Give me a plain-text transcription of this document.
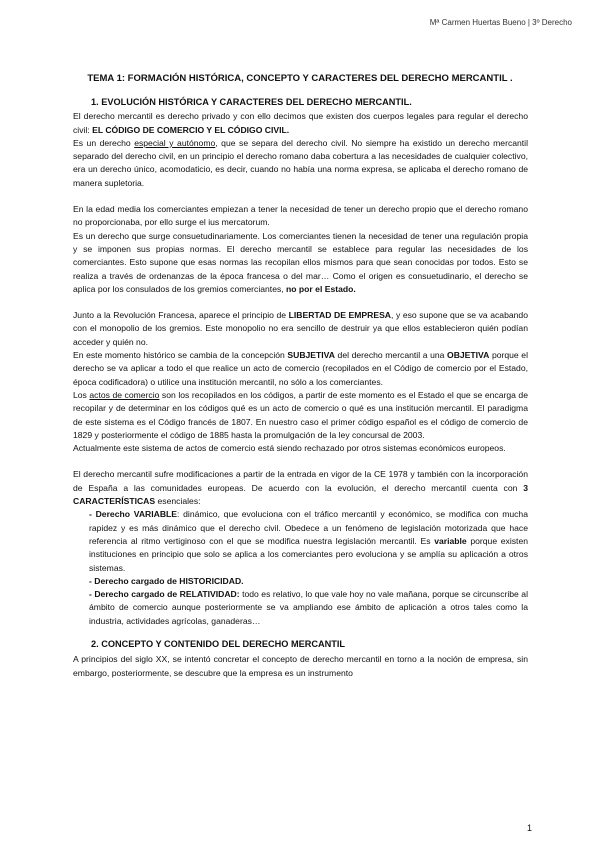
Mª Carmen Huertas Bueno | 3º Derecho
TEMA 1: FORMACIÓN HISTÓRICA, CONCEPTO Y CARACTERES DEL DERECHO MERCANTIL .
1. EVOLUCIÓN HISTÓRICA Y CARACTERES DEL DERECHO MERCANTIL.

El derecho mercantil es derecho privado y con ello decimos que existen dos cuerpos legales para regular el derecho civil: EL CÓDIGO DE COMERCIO Y EL CÓDIGO CIVIL.

Es un derecho especial y autónomo, que se separa del derecho civil. No siempre ha existido un derecho mercantil separado del derecho civil, en un principio el derecho romano daba cobertura a las necesidades de cualquier colectivo, era un derecho único, acomodaticio, es decir, cuando no había una norma expresa, se aplicaba el derecho romano de manera supletoria.

En la edad media los comerciantes empiezan a tener la necesidad de tener un derecho propio que el derecho romano no proporcionaba, por ello surge el ius mercatorum.

Es un derecho que surge consuetudinariamente. Los comerciantes tienen la necesidad de tener una regulación propia y se imponen sus propias normas. El derecho mercantil se establece para regular las necesidades de los comerciantes. Esto supone que esas normas las recopilan ellos mismos para que sean conocidas por todos. Esto se realiza a través de ordenanzas de la época francesa o del mar… Como el origen es consuetudinario, el derecho se aplica por los consulados de los gremios comerciantes, no por el Estado.

Junto a la Revolución Francesa, aparece el principio de LIBERTAD DE EMPRESA, y eso supone que se va acabando con el monopolio de los gremios. Este monopolio no era sencillo de destruir ya que ellos establecieron quién podían acceder y quién no.

En este momento histórico se cambia de la concepción SUBJETIVA del derecho mercantil a una OBJETIVA porque el derecho se va aplicar a todo el que realice un acto de comercio (recopilados en el Código de comercio por el Estado, época codificadora) o utilice una institución mercantil, no sólo a los comerciantes.

Los actos de comercio son los recopilados en los códigos, a partir de este momento es el Estado el que se encarga de recopilar y de determinar en los códigos qué es un acto de comercio o qué es una institución mercantil. El paradigma de este sistema es el Código francés de 1807. En nuestro caso el primer código español es el código de comercio de 1829 y posteriormente el código de 1885 hasta la promulgación de la ley concursal de 2003.

Actualmente este sistema de actos de comercio está siendo rechazado por otros sistemas económicos europeos.

El derecho mercantil sufre modificaciones a partir de la entrada en vigor de la CE 1978 y también con la incorporación de España a las comunidades europeas. De acuerdo con la evolución, el derecho mercantil cuenta con 3 CARACTERÍSTICAS esenciales:

- Derecho VARIABLE: dinámico, que evoluciona con el tráfico mercantil y económico, se modifica con mucha rapidez y es más dinámico que el derecho civil. Obedece a un fenómeno de legislación motorizada que hace referencia al ritmo vertiginoso con el que se modifica nuestra legislación mercantil. Es variable porque existen instituciones en principio que solo se aplica a los comerciantes pero evoluciona y se amplía su aplicación a otros sistemas.
- Derecho cargado de HISTORICIDAD.
- Derecho cargado de RELATIVIDAD: todo es relativo, lo que vale hoy no vale mañana, porque se circunscribe al ámbito de comercio aunque posteriormente se va ampliando ese ámbito de aplicación a otros tales como la industria, actividades agrícolas, ganaderas…
2. CONCEPTO Y CONTENIDO DEL DERECHO MERCANTIL

A principios del siglo XX, se intentó concretar el concepto de derecho mercantil en torno a la noción de empresa, sin embargo, posteriormente, se descubre que la empresa es un instrumento

1
